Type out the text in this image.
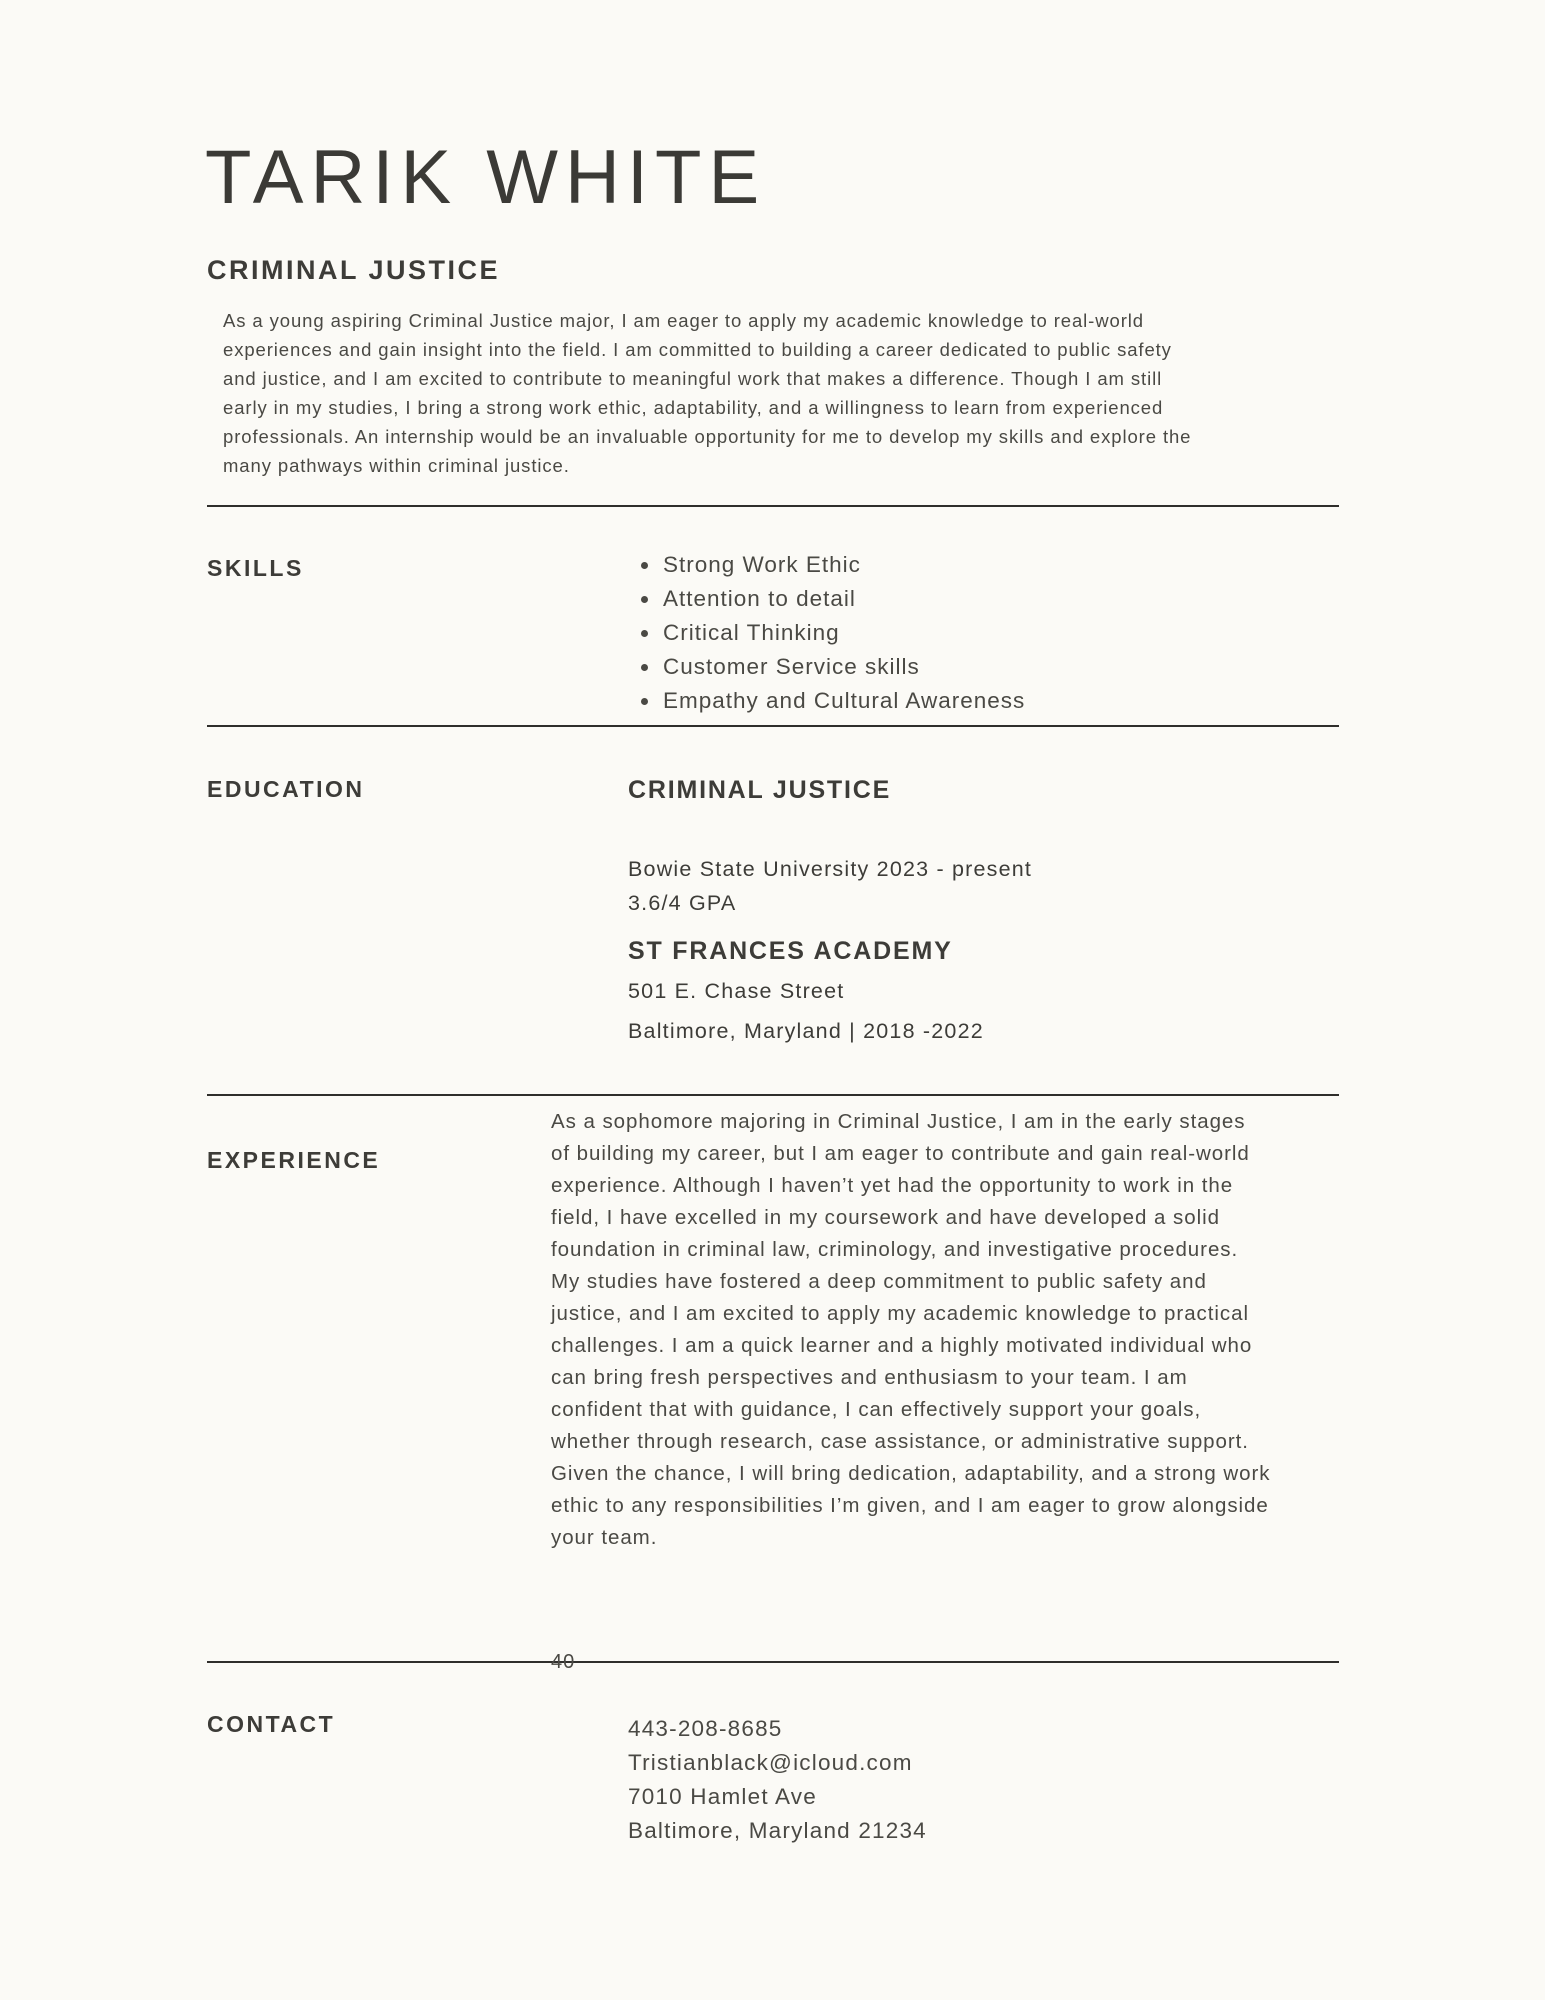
TARIK WHITE
CRIMINAL JUSTICE

As a young aspiring Criminal Justice major, I am eager to apply my academic knowledge to real-world experiences and gain insight into the field. I am committed to building a career dedicated to public safety and justice, and I am excited to contribute to meaningful work that makes a difference. Though I am still early in my studies, I bring a strong work ethic, adaptability, and a willingness to learn from experienced professionals. An internship would be an invaluable opportunity for me to develop my skills and explore the many pathways within criminal justice.

SKILLS
•	Strong Work Ethic
• Attention to detail
• Critical Thinking
• Customer Service skills
• Empathy and Cultural Awareness
EDUCATION	CRIMINAL JUSTICE
Bowie State University 2023 - present
3.6/4 GPA
ST FRANCES ACADEMY
501 E. Chase Street
Baltimore, Maryland | 2018 -2022
EXPERIENCE

As a sophomore majoring in Criminal Justice, I am in the early stages of building my career, but I am eager to contribute and gain real-world experience. Although I haven’t yet had the opportunity to work in the field, I have excelled in my coursework and have developed a solid foundation in criminal law, criminology, and investigative procedures. My studies have fostered a deep commitment to public safety and justice, and I am excited to apply my academic knowledge to practical challenges. I am a quick learner and a highly motivated individual who can bring fresh perspectives and enthusiasm to your team. I am confident that with guidance, I can effectively support your goals, whether through research, case assistance, or administrative support. Given the chance, I will bring dedication, adaptability, and a strong work ethic to any responsibilities I’m given, and I am eager to grow alongside your team.

40
CONTACT	443-208-8685
Tristianblack@icloud.com
7010 Hamlet Ave
Baltimore, Maryland 21234
